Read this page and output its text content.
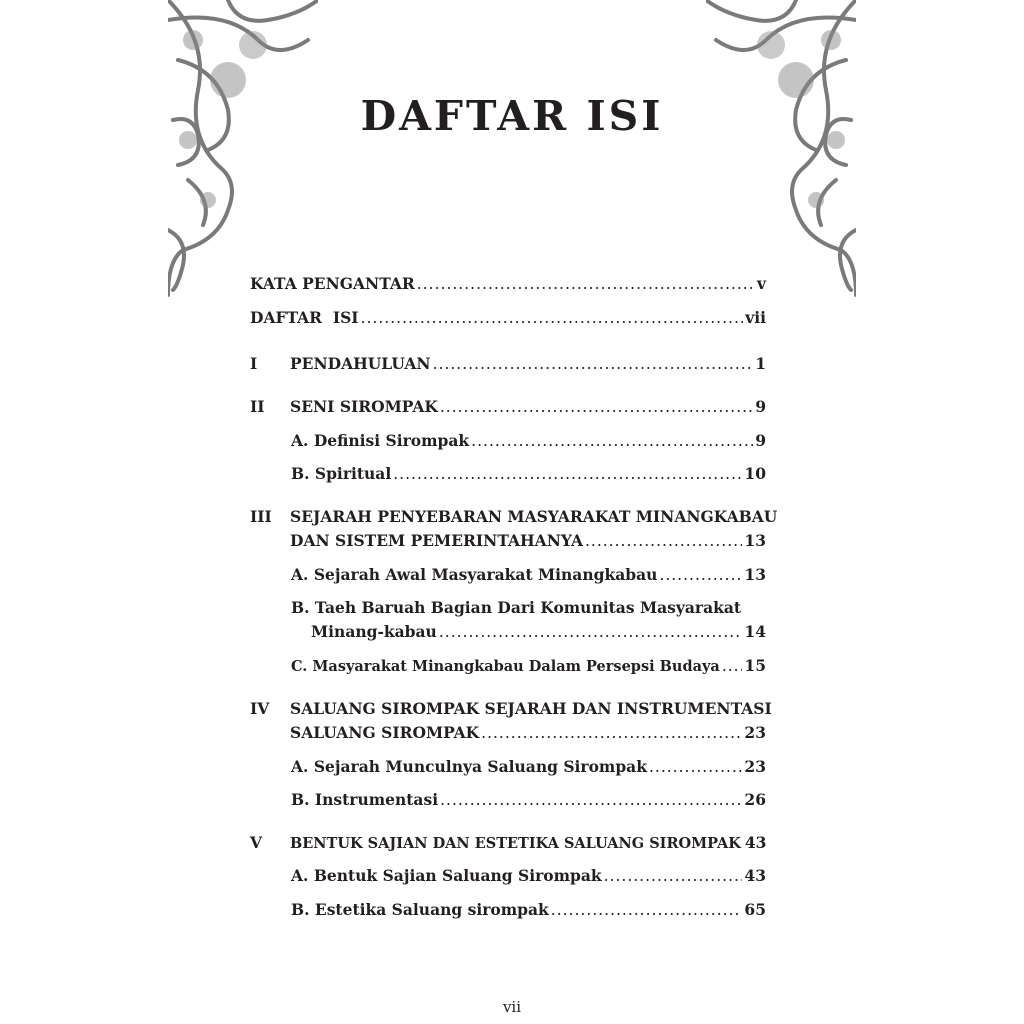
DAFTAR ISI
KATA PENGANTAR .....	v
DAFTAR  ISI .....	vii
I PENDAHULUAN .....	1
II SENI SIROMPAK .....	9
A. Definisi Sirompak .....	9
B. Spiritual .....	10
III SEJARAH PENYEBARAN MASYARAKAT MINANGKABAU
DAN SISTEM PEMERINTAHANYA .....	13
A. Sejarah Awal Masyarakat Minangkabau .....	13
B. Taeh Baruah Bagian Dari Komunitas Masyarakat
Minang-kabau .....	14
C. Masyarakat Minangkabau Dalam Persepsi Budaya ..... 15
IV SALUANG SIROMPAK SEJARAH DAN INSTRUMENTASI
SALUANG SIROMPAK .....	23
A. Sejarah Munculnya Saluang Sirompak .....	23
B. Instrumentasi .....	26
V BENTUK SAJIAN DAN ESTETIKA SALUANG SIROMPAK 43
A. Bentuk Sajian Saluang Sirompak .....	43
B. Estetika Saluang sirompak .....	65
vii
